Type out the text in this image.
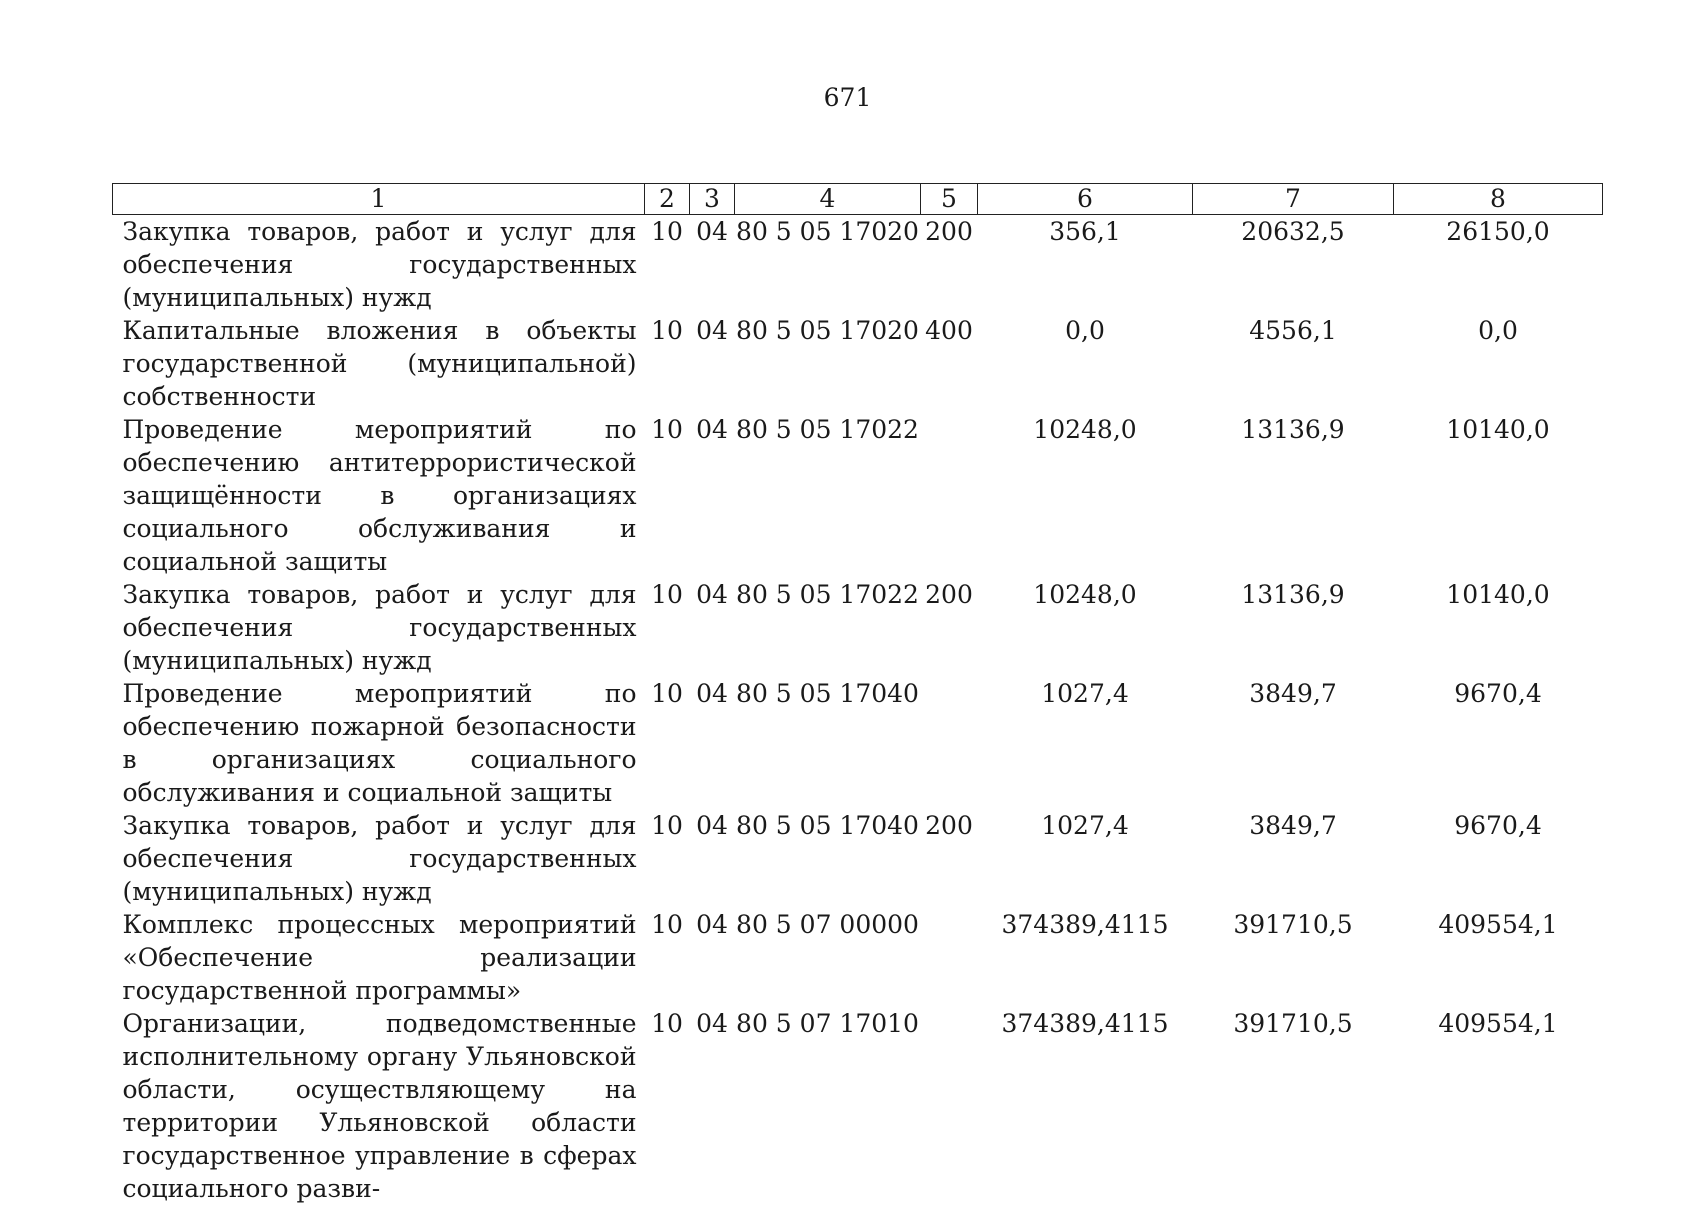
671
1	2	3	4	5	6	7	8
Закупка товаров, работ и услуг для обеспечения государственных (муниципальных) нужд	10	04	80 5 05 17020	200	356,1	20632,5	26150,0
Капитальные вложения в объекты государственной (муниципальной) собственности	10	04	80 5 05 17020	400	0,0	4556,1	0,0
Проведение мероприятий по обеспечению антитеррористической защищённости в организациях социального обслуживания и социальной защиты	10	04	80 5 05 17022		10248,0	13136,9	10140,0
Закупка товаров, работ и услуг для обеспечения государственных (муниципальных) нужд	10	04	80 5 05 17022	200	10248,0	13136,9	10140,0
Проведение мероприятий по обеспечению пожарной безопасности в организациях социального обслуживания и социальной защиты	10	04	80 5 05 17040		1027,4	3849,7	9670,4
Закупка товаров, работ и услуг для обеспечения государственных (муниципальных) нужд	10	04	80 5 05 17040	200	1027,4	3849,7	9670,4
Комплекс процессных мероприятий «Обеспечение реализации государственной программы»	10	04	80 5 07 00000		374389,4115	391710,5	409554,1
Организации, подведомственные исполнительному органу Ульяновской области, осуществляющему на территории Ульяновской области государственное управление в сферах социального разви-	10	04	80 5 07 17010		374389,4115	391710,5	409554,1
